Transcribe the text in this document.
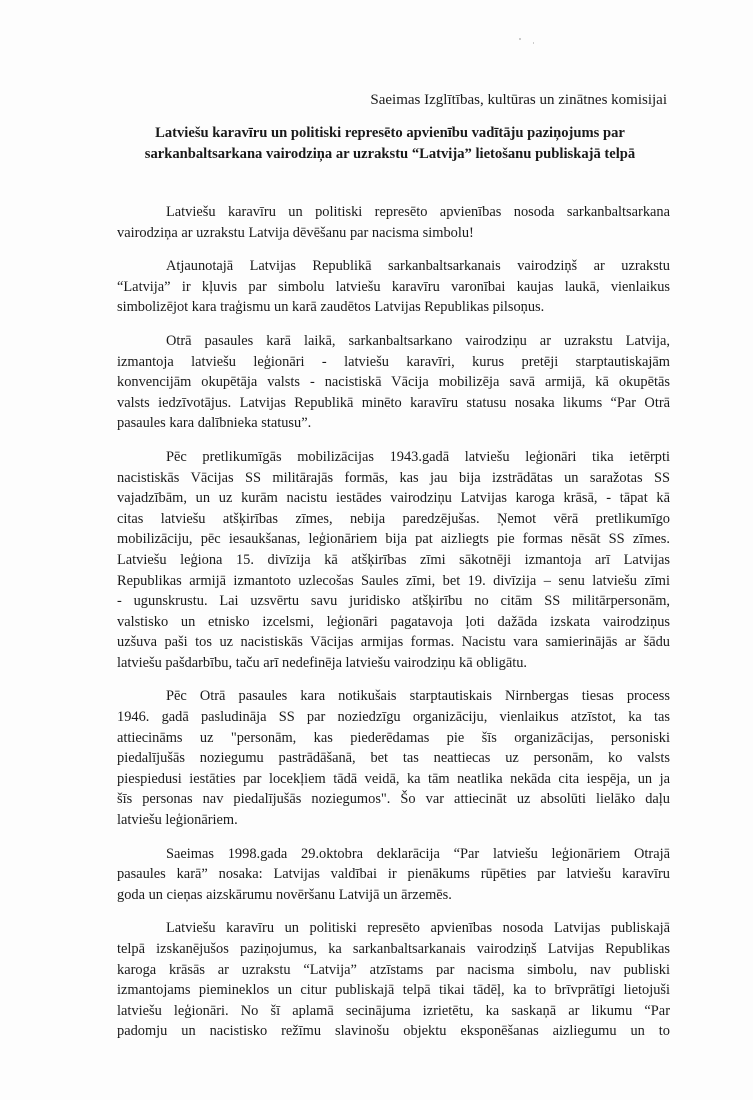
Saeimas Izglītības, kultūras un zinātnes komisijai
Latviešu karavīru un politiski represēto apvienību vadītāju paziņojums par
sarkanbaltsarkana vairodziņa ar uzrakstu “Latvija” lietošanu publiskajā telpā
Latviešu karavīru un politiski represēto apvienības nosoda sarkanbaltsarkana
vairodziņa ar uzrakstu Latvija dēvēšanu par nacisma simbolu!
Atjaunotajā Latvijas Republikā sarkanbaltsarkanais vairodziņš ar uzrakstu
“Latvija” ir kļuvis par simbolu latviešu karavīru varonībai kaujas laukā, vienlaikus
simbolizējot kara traģismu un karā zaudētos Latvijas Republikas pilsoņus.
Otrā pasaules karā laikā, sarkanbaltsarkano vairodziņu ar uzrakstu Latvija,
izmantoja latviešu leģionāri - latviešu karavīri, kurus pretēji starptautiskajām
konvencijām okupētāja valsts - nacistiskā Vācija mobilizēja savā armijā, kā okupētās
valsts iedzīvotājus. Latvijas Republikā minēto karavīru statusu nosaka likums “Par Otrā
pasaules kara dalībnieka statusu”.
Pēc pretlikumīgās mobilizācijas 1943.gadā latviešu leģionāri tika ietērpti
nacistiskās Vācijas SS militārajās formās, kas jau bija izstrādātas un saražotas SS
vajadzībām, un uz kurām nacistu iestādes vairodziņu Latvijas karoga krāsā, - tāpat kā
citas latviešu atšķirības zīmes, nebija paredzējušas. Ņemot vērā pretlikumīgo
mobilizāciju, pēc iesaukšanas, leģionāriem bija pat aizliegts pie formas nēsāt SS zīmes.
Latviešu leģiona 15. divīzija kā atšķirības zīmi sākotnēji izmantoja arī Latvijas
Republikas armijā izmantoto uzlecošas Saules zīmi, bet 19. divīzija – senu latviešu zīmi
- ugunskrustu. Lai uzsvērtu savu juridisko atšķirību no citām SS militārpersonām,
valstisko un etnisko izcelsmi, leģionāri pagatavoja ļoti dažāda izskata vairodziņus
uzšuva paši tos uz nacistiskās Vācijas armijas formas. Nacistu vara samierinājās ar šādu
latviešu pašdarbību, taču arī nedefinēja latviešu vairodziņu kā obligātu.
Pēc Otrā pasaules kara notikušais starptautiskais Nirnbergas tiesas process
1946. gadā pasludināja SS par noziedzīgu organizāciju, vienlaikus atzīstot, ka tas
attiecināms uz "personām, kas piederēdamas pie šīs organizācijas, personiski
piedalījušās noziegumu pastrādāšanā, bet tas neattiecas uz personām, ko valsts
piespiedusi iestāties par locekļiem tādā veidā, ka tām neatlika nekāda cita iespēja, un ja
šīs personas nav piedalījušās noziegumos". Šo var attiecināt uz absolūti lielāko daļu
latviešu leģionāriem.
Saeimas 1998.gada 29.oktobra deklarācija “Par latviešu leģionāriem Otrajā
pasaules karā” nosaka: Latvijas valdībai ir pienākums rūpēties par latviešu karavīru
goda un cieņas aizskārumu novēršanu Latvijā un ārzemēs.
Latviešu karavīru un politiski represēto apvienības nosoda Latvijas publiskajā
telpā izskanējušos paziņojumus, ka sarkanbaltsarkanais vairodziņš Latvijas Republikas
karoga krāsās ar uzrakstu “Latvija” atzīstams par nacisma simbolu, nav publiski
izmantojams piemineklos un citur publiskajā telpā tikai tādēļ, ka to brīvprātīgi lietojuši
latviešu leģionāri. No šī aplamā secinājuma izrietētu, ka saskaņā ar likumu “Par
padomju un nacistisko režīmu slavinošu objektu eksponēšanas aizliegumu un to
